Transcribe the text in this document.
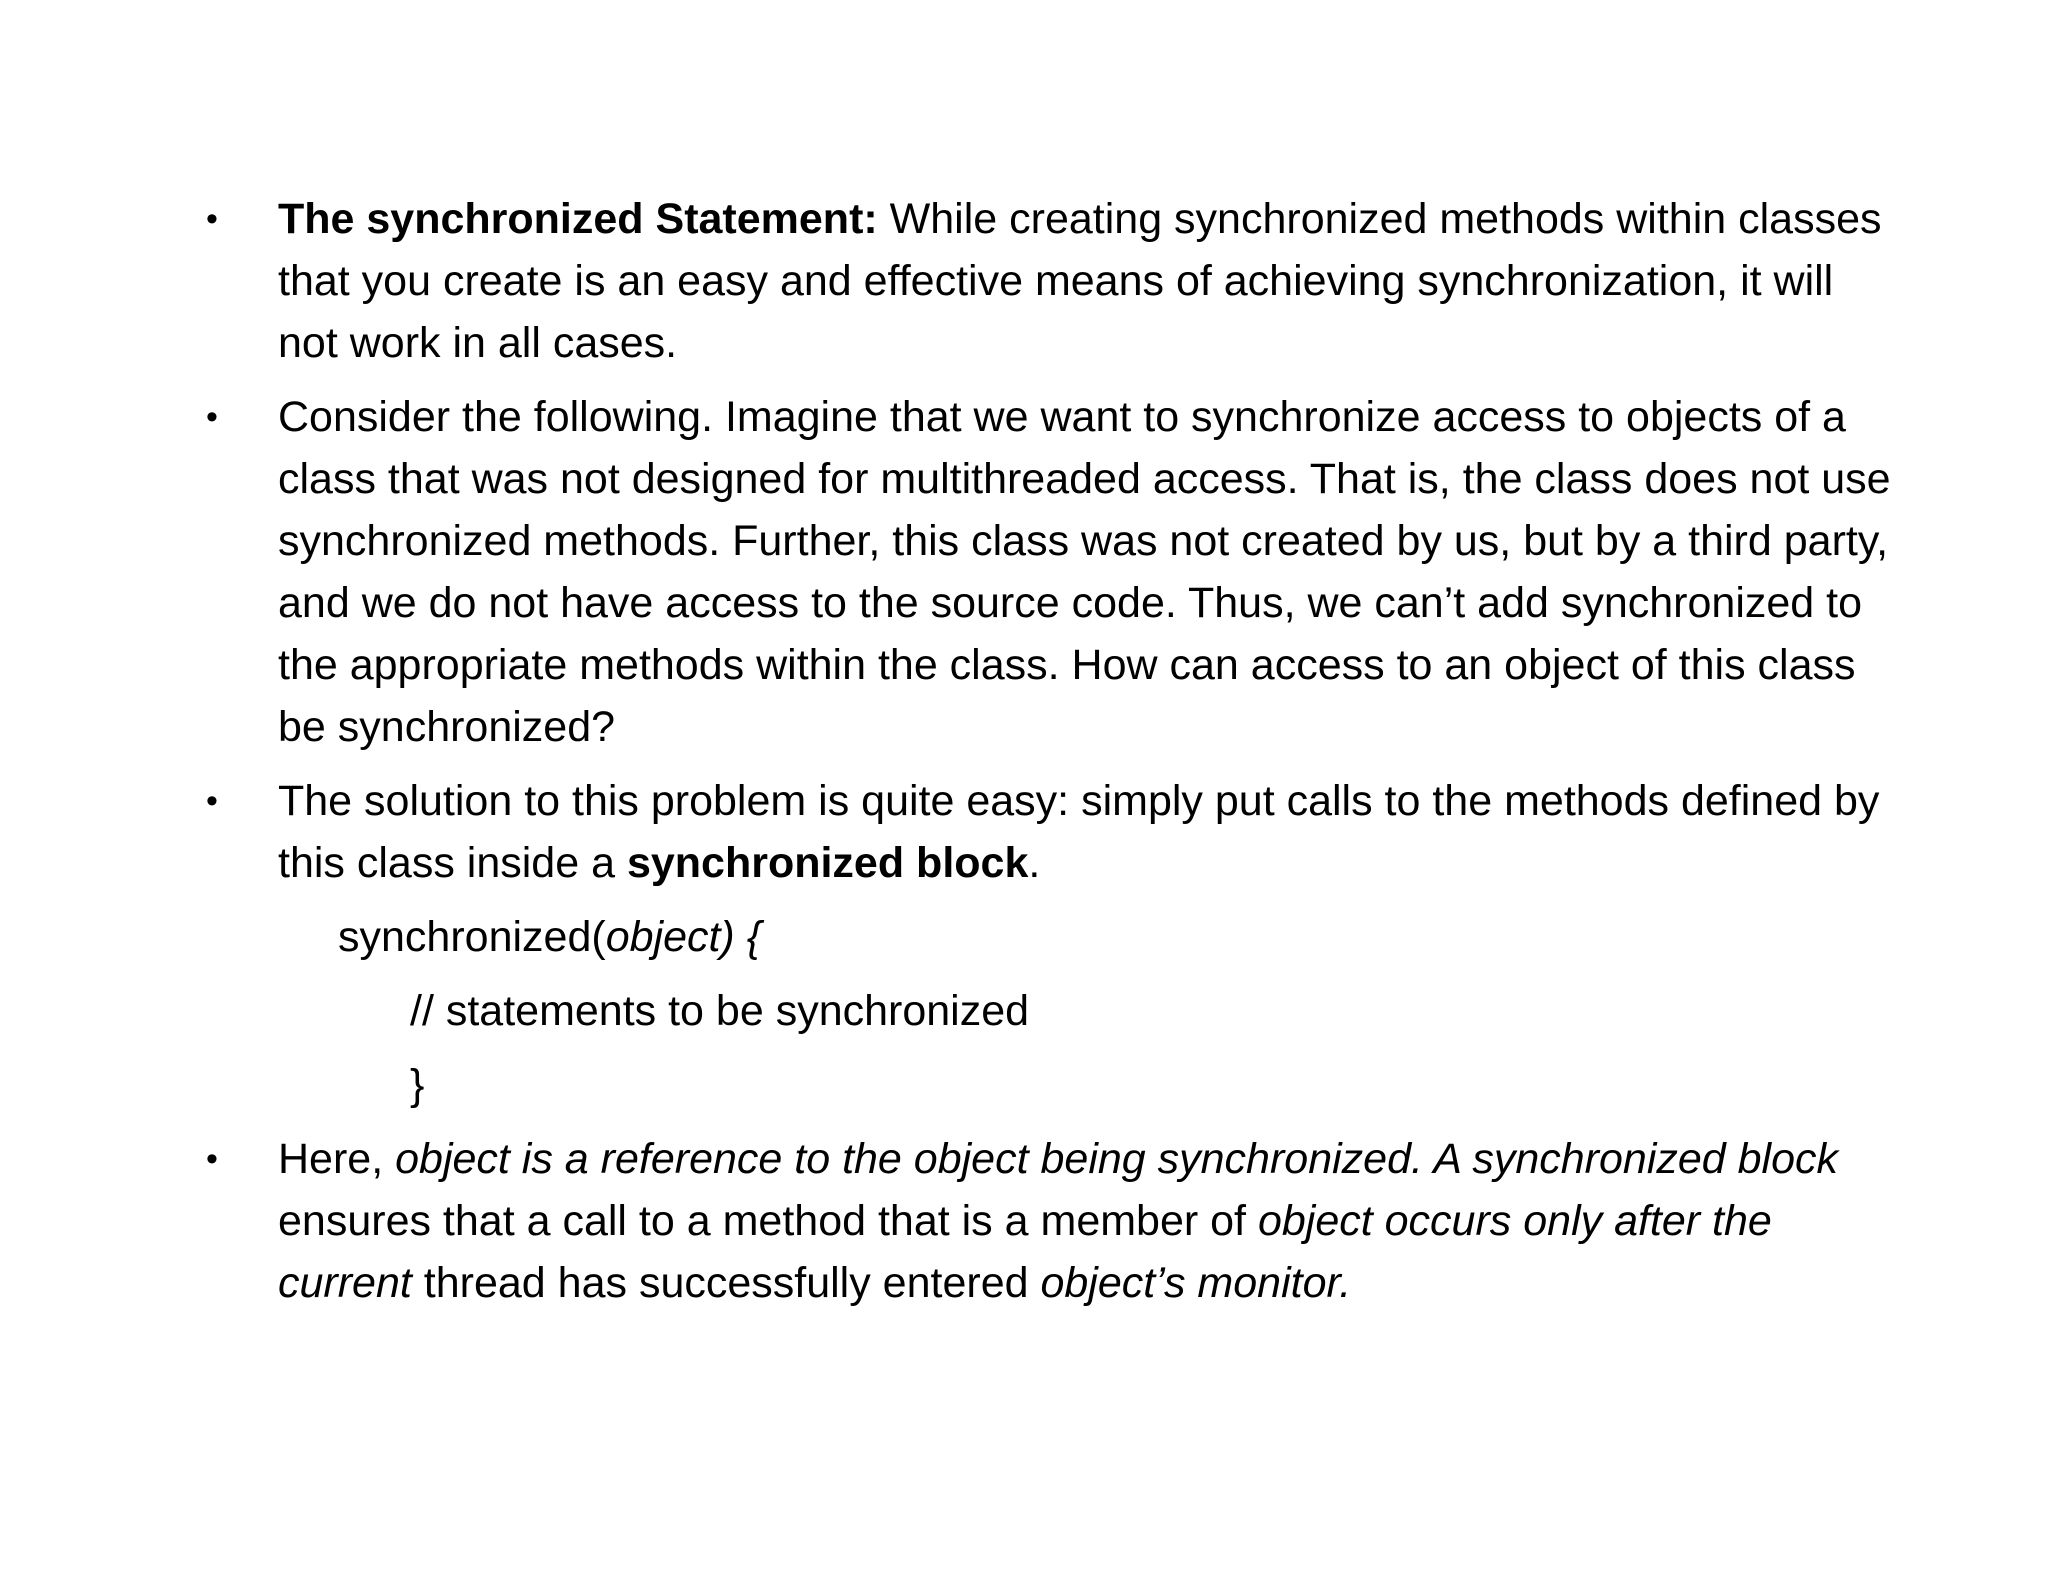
• The synchronized Statement: While creating synchronized methods within classes that you create is an easy and effective means of achieving synchronization, it will not work in all cases.
• Consider the following. Imagine that we want to synchronize access to objects of a class that was not designed for multithreaded access. That is, the class does not use synchronized methods. Further, this class was not created by us, but by a third party, and we do not have access to the source code. Thus, we can’t add synchronized to the appropriate methods within the class. How can access to an object of this class be synchronized?
• The solution to this problem is quite easy: simply put calls to the methods defined by this class inside a synchronized block.
synchronized(object) {
// statements to be synchronized
}
• Here, object is a reference to the object being synchronized. A synchronized block ensures that a call to a method that is a member of object occurs only after the current thread has successfully entered object’s monitor.
